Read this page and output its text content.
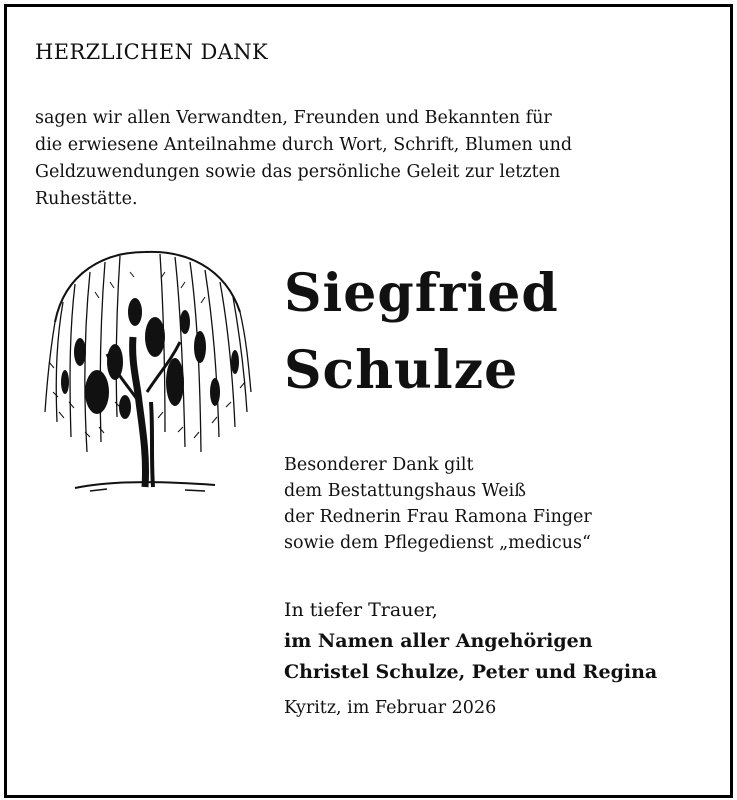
HERZLICHEN DANK
sagen wir allen Verwandten, Freunden und Bekannten für
die erwiesene Anteilnahme durch Wort, Schrift, Blumen und
Geldzuwendungen sowie das persönliche Geleit zur letzten
Ruhestätte.
Siegfried
Schulze
Besonderer Dank gilt
dem Bestattungshaus Weiß
der Rednerin Frau Ramona Finger
sowie dem Pflegedienst „medicus“
In tiefer Trauer,
im Namen aller Angehörigen
Christel Schulze, Peter und Regina
Kyritz, im Februar 2026
